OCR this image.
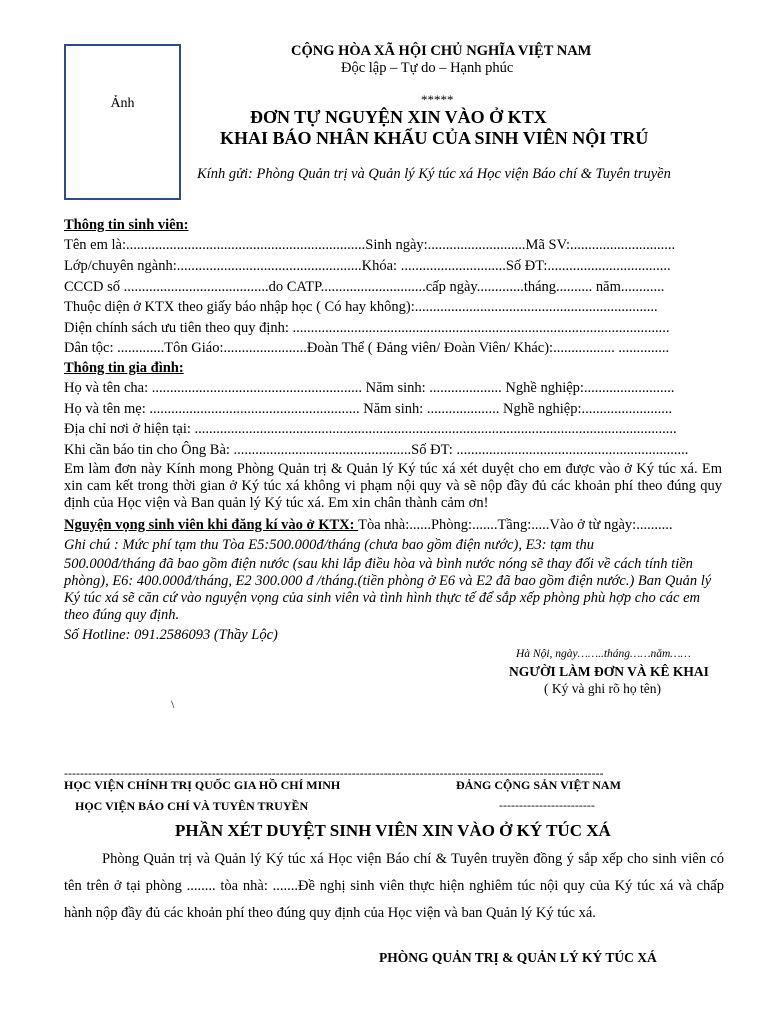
Ảnh
CỘNG HÒA XÃ HỘI CHỦ NGHĨA VIỆT NAM
Độc lập – Tự do – Hạnh phúc
*****
ĐƠN TỰ NGUYỆN XIN VÀO Ở KTX
KHAI BÁO NHÂN KHẨU CỦA SINH VIÊN NỘI TRÚ
Kính gửi: Phòng Quản trị và Quản lý Ký túc xá Học viện Báo chí & Tuyên truyền
Thông tin sinh viên:
Tên em là:..................................................................Sinh ngày:...........................Mã SV:.............................
Lớp/chuyên ngành:...................................................Khóa: .............................Số ĐT:..................................
CCCD số ........................................do CATP.............................cấp ngày.............tháng.......... năm............
Thuộc diện ở KTX theo giấy báo nhập học ( Có hay không):...................................................................
Diện chính sách ưu tiên theo quy định: ........................................................................................................
Dân tộc: .............Tôn Giáo:.......................Đoàn Thể ( Đảng viên/ Đoàn Viên/ Khác):................. ..............
Thông tin gia đình:
Họ và tên cha: .......................................................... Năm sinh: .................... Nghề nghiệp:.........................
Họ và tên mẹ: .......................................................... Năm sinh: .................... Nghề nghiệp:.........................
Địa chỉ nơi ở hiện tại: .....................................................................................................................................
Khi cần báo tin cho Ông Bà: .................................................Số ĐT: ................................................................
Em làm đơn này Kính mong Phòng Quản trị & Quản lý Ký túc xá xét duyệt cho em được vào ở Ký túc xá. Em xin cam kết trong thời gian ở Ký túc xá không vi phạm nội quy và sẽ nộp đầy đủ các khoản phí theo đúng quy định của Học viện và Ban quản lý Ký túc xá. Em xin chân thành cảm ơn!
Nguyện vọng sinh viên khi đăng kí vào ở KTX: Tòa nhà:......Phòng:.......Tầng:.....Vào ở từ ngày:..........
Ghi chú : Mức phí tạm thu Tòa E5:500.000đ/tháng (chưa bao gồm điện nước), E3: tạm thu
500.000đ/tháng đã bao gồm điện nước (sau khi lắp điều hòa và bình nước nóng sẽ thay đổi về cách tính tiền phòng), E6: 400.000đ/tháng, E2 300.000 đ /tháng.(tiền phòng ở E6 và E2 đã bao gồm điện nước.) Ban Quản lý Ký túc xá sẽ căn cứ vào nguyện vọng của sinh viên và tình hình thực tế để sắp xếp phòng phù hợp cho các em theo đúng quy định.
Số Hotline: 091.2586093 (Thầy Lộc)
Hà Nội, ngày……..tháng……năm……
NGƯỜI LÀM ĐƠN VÀ KÊ KHAI
( Ký và ghi rõ họ tên)
\
---------------------------------------------------------------------------------------------------------------------------------------
HỌC VIỆN CHÍNH TRỊ QUỐC GIA HỒ CHÍ MINH
HỌC VIỆN BÁO CHÍ VÀ TUYÊN TRUYỀN
ĐẢNG CỘNG SẢN VIỆT NAM
------------------------
PHẦN XÉT DUYỆT SINH VIÊN XIN VÀO Ở KÝ TÚC XÁ
Phòng Quản trị và Quản lý Ký túc xá Học viện Báo chí & Tuyên truyền đồng ý sắp xếp cho sinh viên có tên trên ở tại phòng ........ tòa nhà: .......Đề nghị sinh viên thực hiện nghiêm túc nội quy của Ký túc xá và chấp hành nộp đầy đủ các khoản phí theo đúng quy định của Học viện và ban Quản lý Ký túc xá.
PHÒNG QUẢN TRỊ & QUẢN LÝ KÝ TÚC XÁ
